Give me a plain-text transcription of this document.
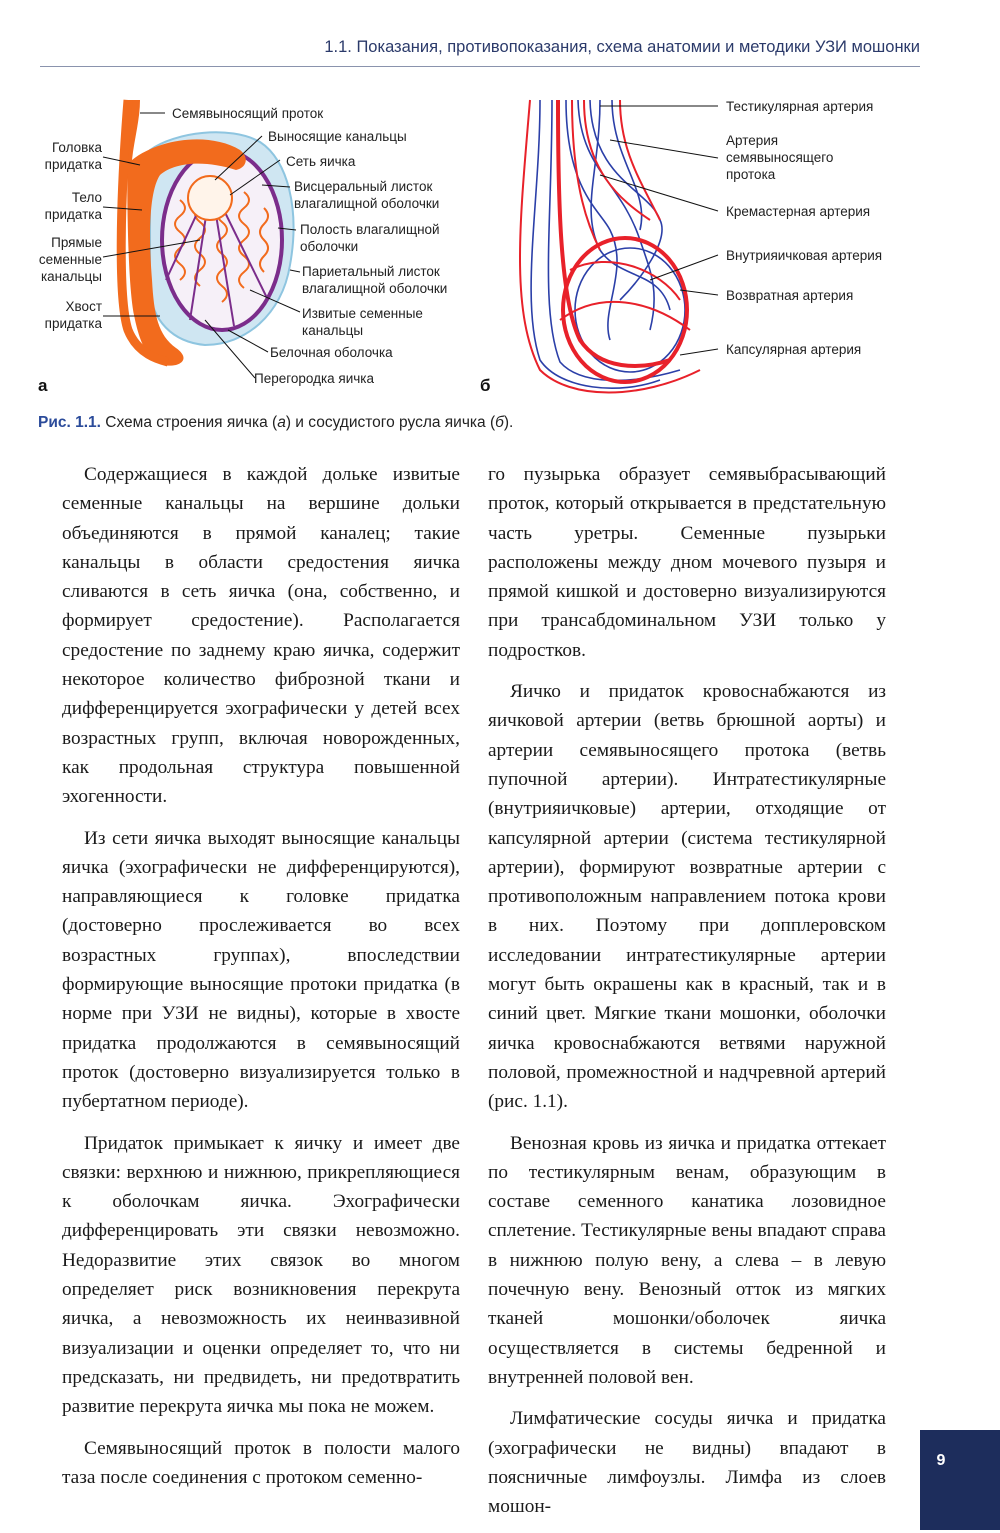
1.1. Показания, противопоказания, схема анатомии и методики УЗИ мошонки
Семявыносящий проток
Головка придатка
Тело придатка
Прямые семенные канальцы
Хвост придатка
Выносящие канальцы
Сеть яичка
Висцеральный листок влагалищной оболочки
Полость влагалищной оболочки
Париетальный листок влагалищной оболочки
Извитые семенные канальцы
Белочная оболочка
Перегородка яичка
а
Тестикулярная артерия
Артерия семявыносящего протока
Кремастерная артерия
Внутрияичковая артерия
Возвратная артерия
Капсулярная артерия
б
Рис. 1.1. Схема строения яичка (а) и сосудистого русла яичка (б).

Содержащиеся в каждой дольке извитые семенные канальцы на вершине дольки объединяются в прямой каналец; такие канальцы в области средостения яичка сливаются в сеть яичка (она, собственно, и формирует средостение). Располагается средостение по заднему краю яичка, содержит некоторое количество фиброзной ткани и дифференцируется эхографически у детей всех возрастных групп, включая новорожденных, как продольная структура повышенной эхогенности.

Из сети яичка выходят выносящие канальцы яичка (эхографически не дифференцируются), направляющиеся к головке придатка (достоверно прослеживается во всех возрастных группах), впоследствии формирующие выносящие протоки придатка (в норме при УЗИ не видны), которые в хвосте придатка продолжаются в семявыносящий проток (достоверно визуализируется только в пубертатном периоде).

Придаток примыкает к яичку и имеет две связки: верхнюю и нижнюю, прикрепляющиеся к оболочкам яичка. Эхографически дифференцировать эти связки невозможно. Недоразвитие этих связок во многом определяет риск возникновения перекрута яичка, а невозможность их неинвазивной визуализации и оценки определяет то, что ни предсказать, ни предвидеть, ни предотвратить развитие перекрута яичка мы пока не можем.

Семявыносящий проток в полости малого таза после соединения с протоком семенно-

го пузырька образует семявыбрасывающий проток, который открывается в предстательную часть уретры. Семенные пузырьки расположены между дном мочевого пузыря и прямой кишкой и достоверно визуализируются при трансабдоминальном УЗИ только у подростков.

Яичко и придаток кровоснабжаются из яичковой артерии (ветвь брюшной аорты) и артерии семявыносящего протока (ветвь пупочной артерии). Интратестикулярные (внутрияичковые) артерии, отходящие от капсулярной артерии (система тестикулярной артерии), формируют возвратные артерии с противоположным направлением потока крови в них. Поэтому при допплеровском исследовании интратестикулярные артерии могут быть окрашены как в красный, так и в синий цвет. Мягкие ткани мошонки, оболочки яичка кровоснабжаются ветвями наружной половой, промежностной и надчревной артерий (рис. 1.1).

Венозная кровь из яичка и придатка оттекает по тестикулярным венам, образующим в составе семенного канатика лозовидное сплетение. Тестикулярные вены впадают справа в нижнюю полую вену, а слева – в левую почечную вену. Венозный отток из мягких тканей мошонки/оболочек яичка осуществляется в системы бедренной и внутренней половой вен.

Лимфатические сосуды яичка и придатка (эхографически не видны) впадают в поясничные лимфоузлы. Лимфа из слоев мошон-

9
